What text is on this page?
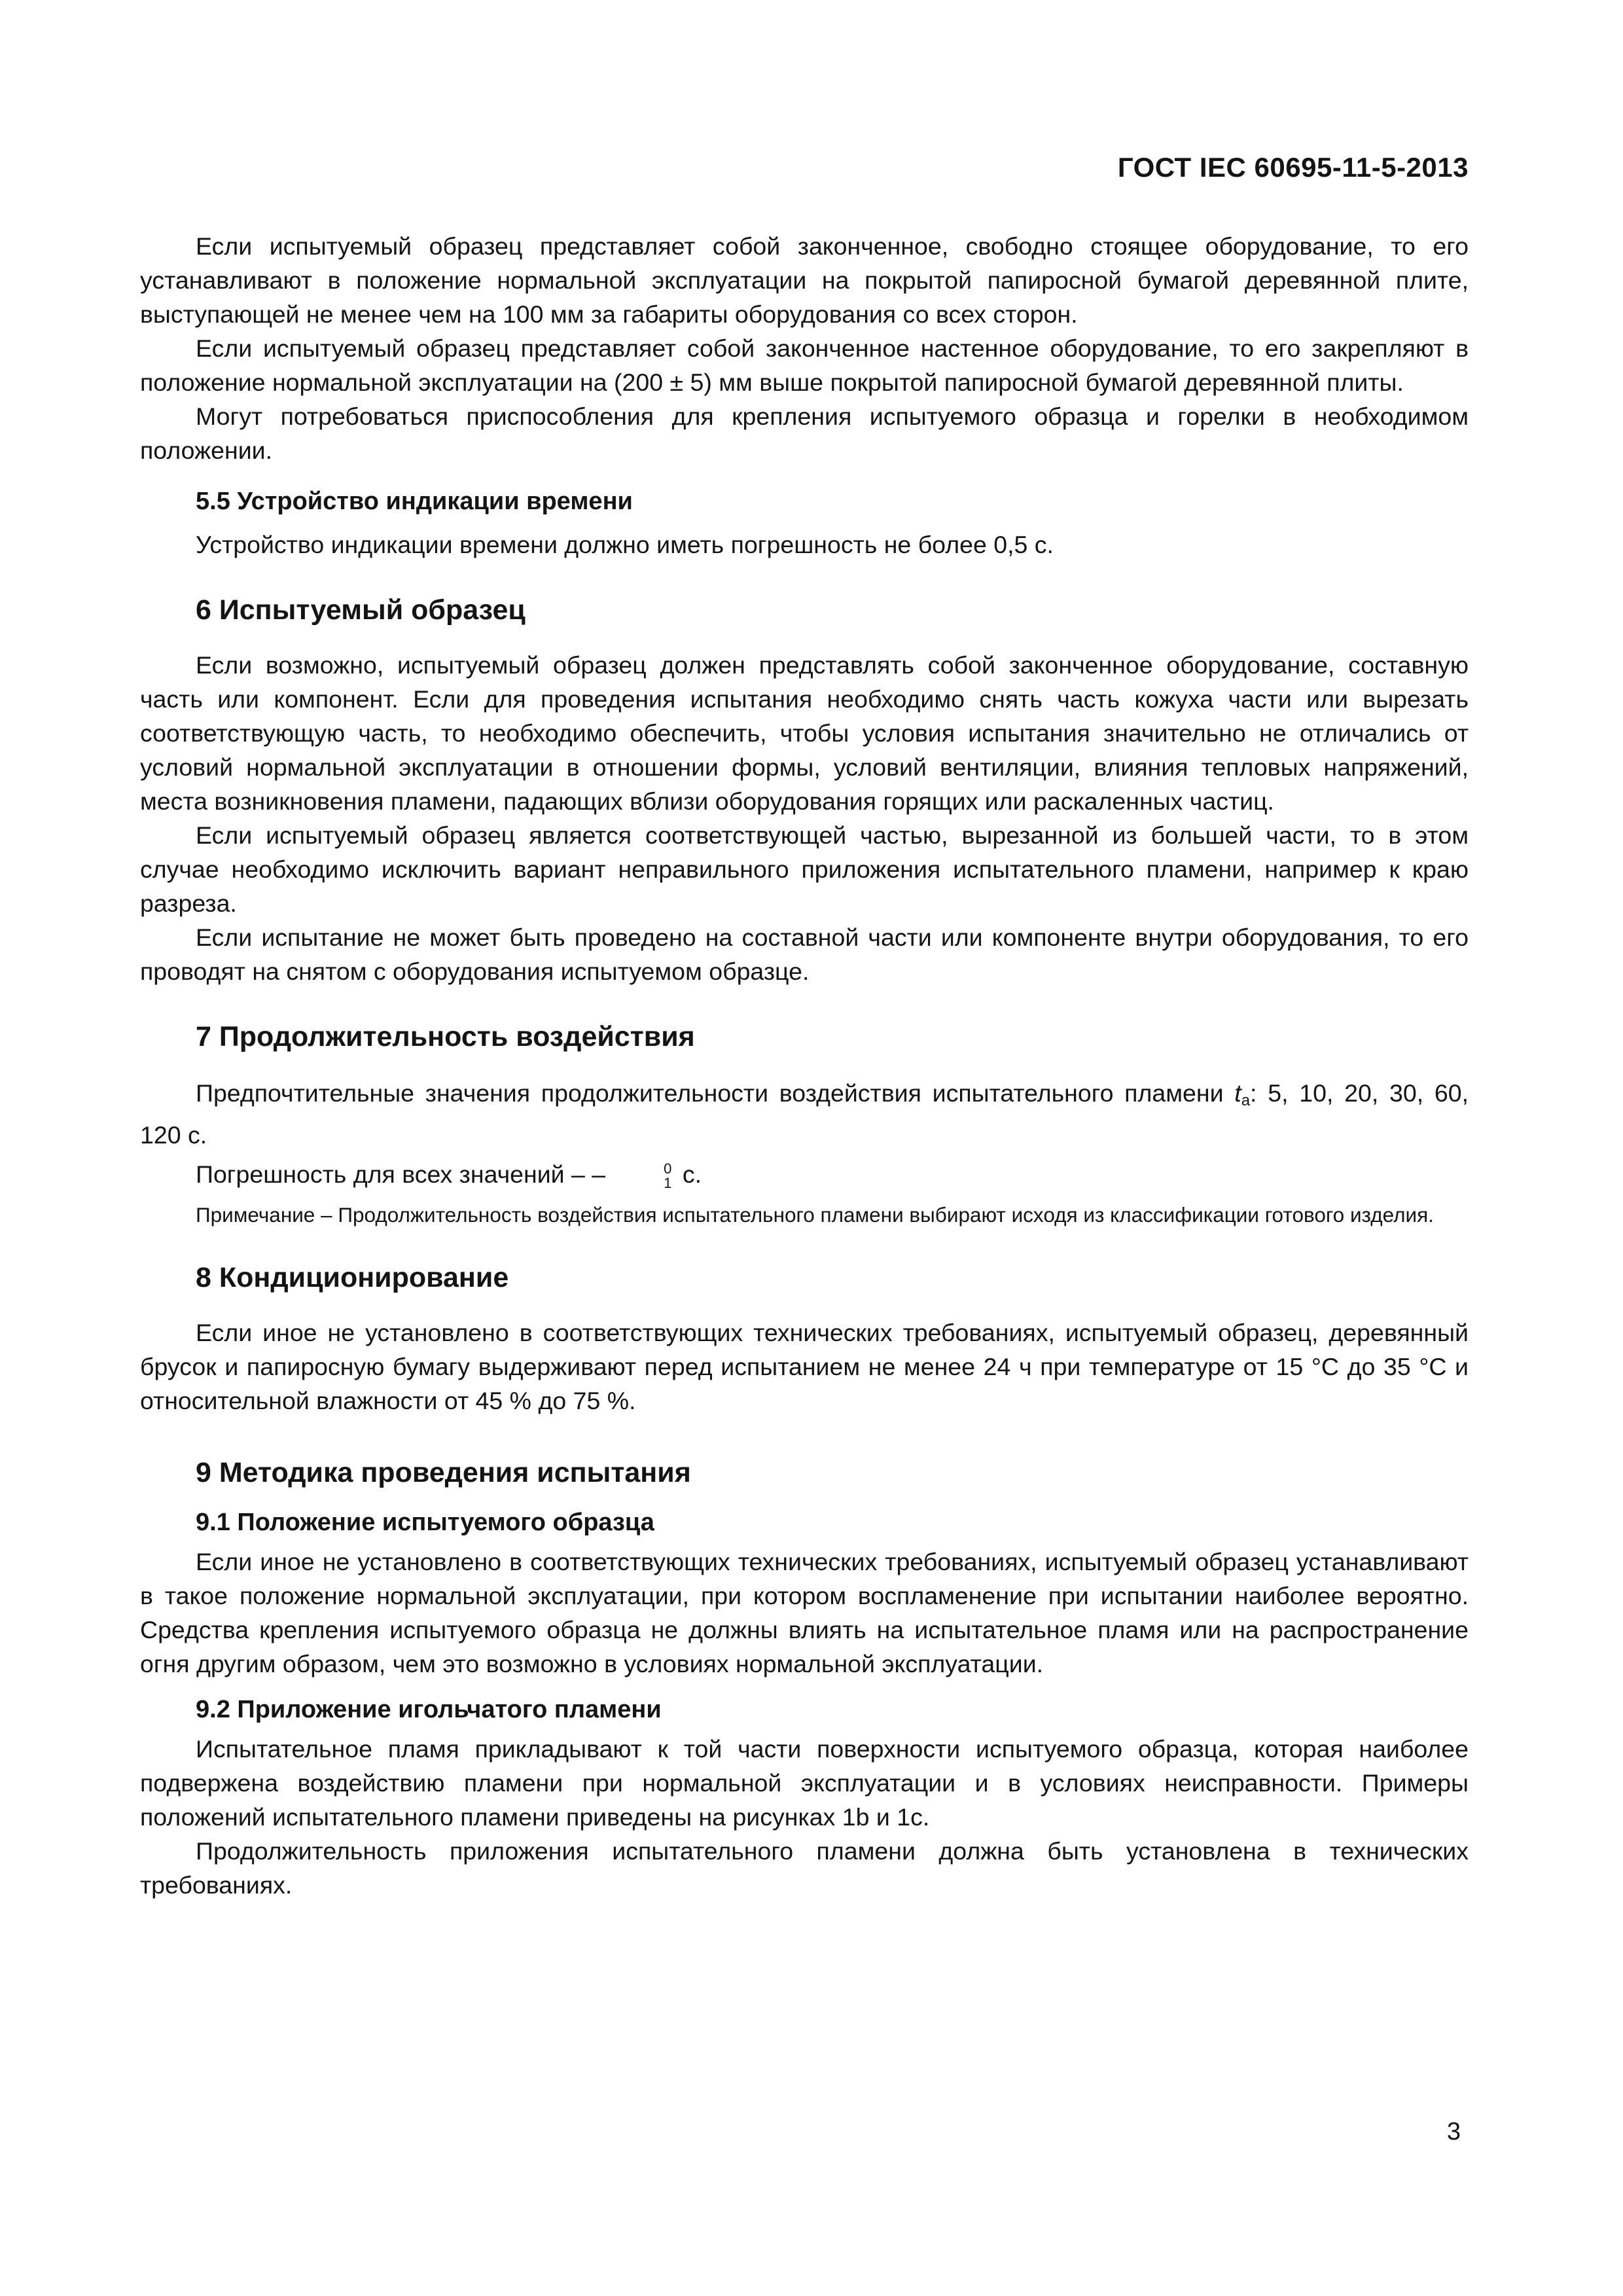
ГОСТ IEC 60695-11-5-2013

Если испытуемый образец представляет собой законченное, свободно стоящее оборудование, то его устанавливают в положение нормальной эксплуатации на покрытой папиросной бумагой деревянной плите, выступающей не менее чем на 100 мм за габариты оборудования со всех сторон.

Если испытуемый образец представляет собой законченное настенное оборудование, то его закрепляют в положение нормальной эксплуатации на (200 ± 5) мм выше покрытой папиросной бумагой деревянной плиты.

Могут потребоваться приспособления для крепления испытуемого образца и горелки в необходимом положении.

5.5 Устройство индикации времени

Устройство индикации времени должно иметь погрешность не более 0,5 с.

6 Испытуемый образец

Если возможно, испытуемый образец должен представлять собой законченное оборудование, составную часть или компонент. Если для проведения испытания необходимо снять часть кожуха части или вырезать соответствующую часть, то необходимо обеспечить, чтобы условия испытания значительно не отличались от условий нормальной эксплуатации в отношении формы, условий вентиляции, влияния тепловых напряжений, места возникновения пламени, падающих вблизи оборудования горящих или раскаленных частиц.

Если испытуемый образец является соответствующей частью, вырезанной из большей части, то в этом случае необходимо исключить вариант неправильного приложения испытательного пламени, например к краю разреза.

Если испытание не может быть проведено на составной части или компоненте внутри оборудования, то его проводят на снятом с оборудования испытуемом образце.

7 Продолжительность воздействия

Предпочтительные значения продолжительности воздействия испытательного пламени $t_a$: 5, 10, 20, 30, 60, 120 с.

Погрешность для всех значений – –	0
1 с.

Примечание – Продолжительность воздействия испытательного пламени выбирают исходя из классификации готового изделия.

8 Кондиционирование

Если иное не установлено в соответствующих технических требованиях, испытуемый образец, деревянный брусок и папиросную бумагу выдерживают перед испытанием не менее 24 ч при температуре от 15 °С до 35 °С и относительной влажности от 45 % до 75 %.

9 Методика проведения испытания
9.1 Положение испытуемого образца

Если иное не установлено в соответствующих технических требованиях, испытуемый образец устанавливают в такое положение нормальной эксплуатации, при котором воспламенение при испытании наиболее вероятно. Средства крепления испытуемого образца не должны влиять на испытательное пламя или на распространение огня другим образом, чем это возможно в условиях нормальной эксплуатации.

9.2 Приложение игольчатого пламени

Испытательное пламя прикладывают к той части поверхности испытуемого образца, которая наиболее подвержена воздействию пламени при нормальной эксплуатации и в условиях неисправности. Примеры положений испытательного пламени приведены на рисунках 1b и 1c.

Продолжительность приложения испытательного пламени должна быть установлена в технических требованиях.

3
